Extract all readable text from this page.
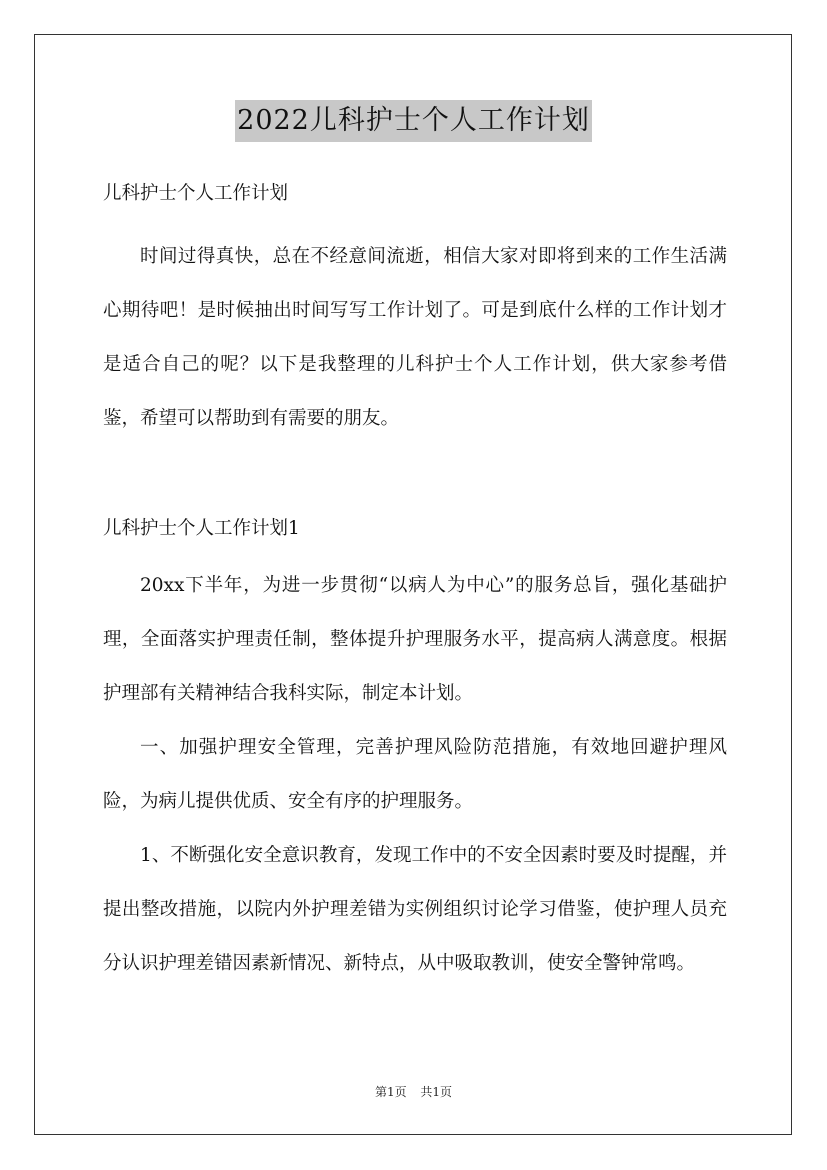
2022儿科护士个人工作计划

儿科护士个人工作计划

时间过得真快，总在不经意间流逝，相信大家对即将到来的工作生活满心期待吧！是时候抽出时间写写工作计划了。可是到底什么样的工作计划才是适合自己的呢？以下是我整理的儿科护士个人工作计划，供大家参考借鉴，希望可以帮助到有需要的朋友。

儿科护士个人工作计划1

20xx下半年，为进一步贯彻“以病人为中心”的服务总旨，强化基础护理，全面落实护理责任制，整体提升护理服务水平，提高病人满意度。根据护理部有关精神结合我科实际，制定本计划。

一、加强护理安全管理，完善护理风险防范措施，有效地回避护理风险，为病儿提供优质、安全有序的护理服务。

1、不断强化安全意识教育，发现工作中的不安全因素时要及时提醒，并提出整改措施，以院内外护理差错为实例组织讨论学习借鉴，使护理人员充分认识护理差错因素新情况、新特点，从中吸取教训，使安全警钟常鸣。

第1页 共1页
